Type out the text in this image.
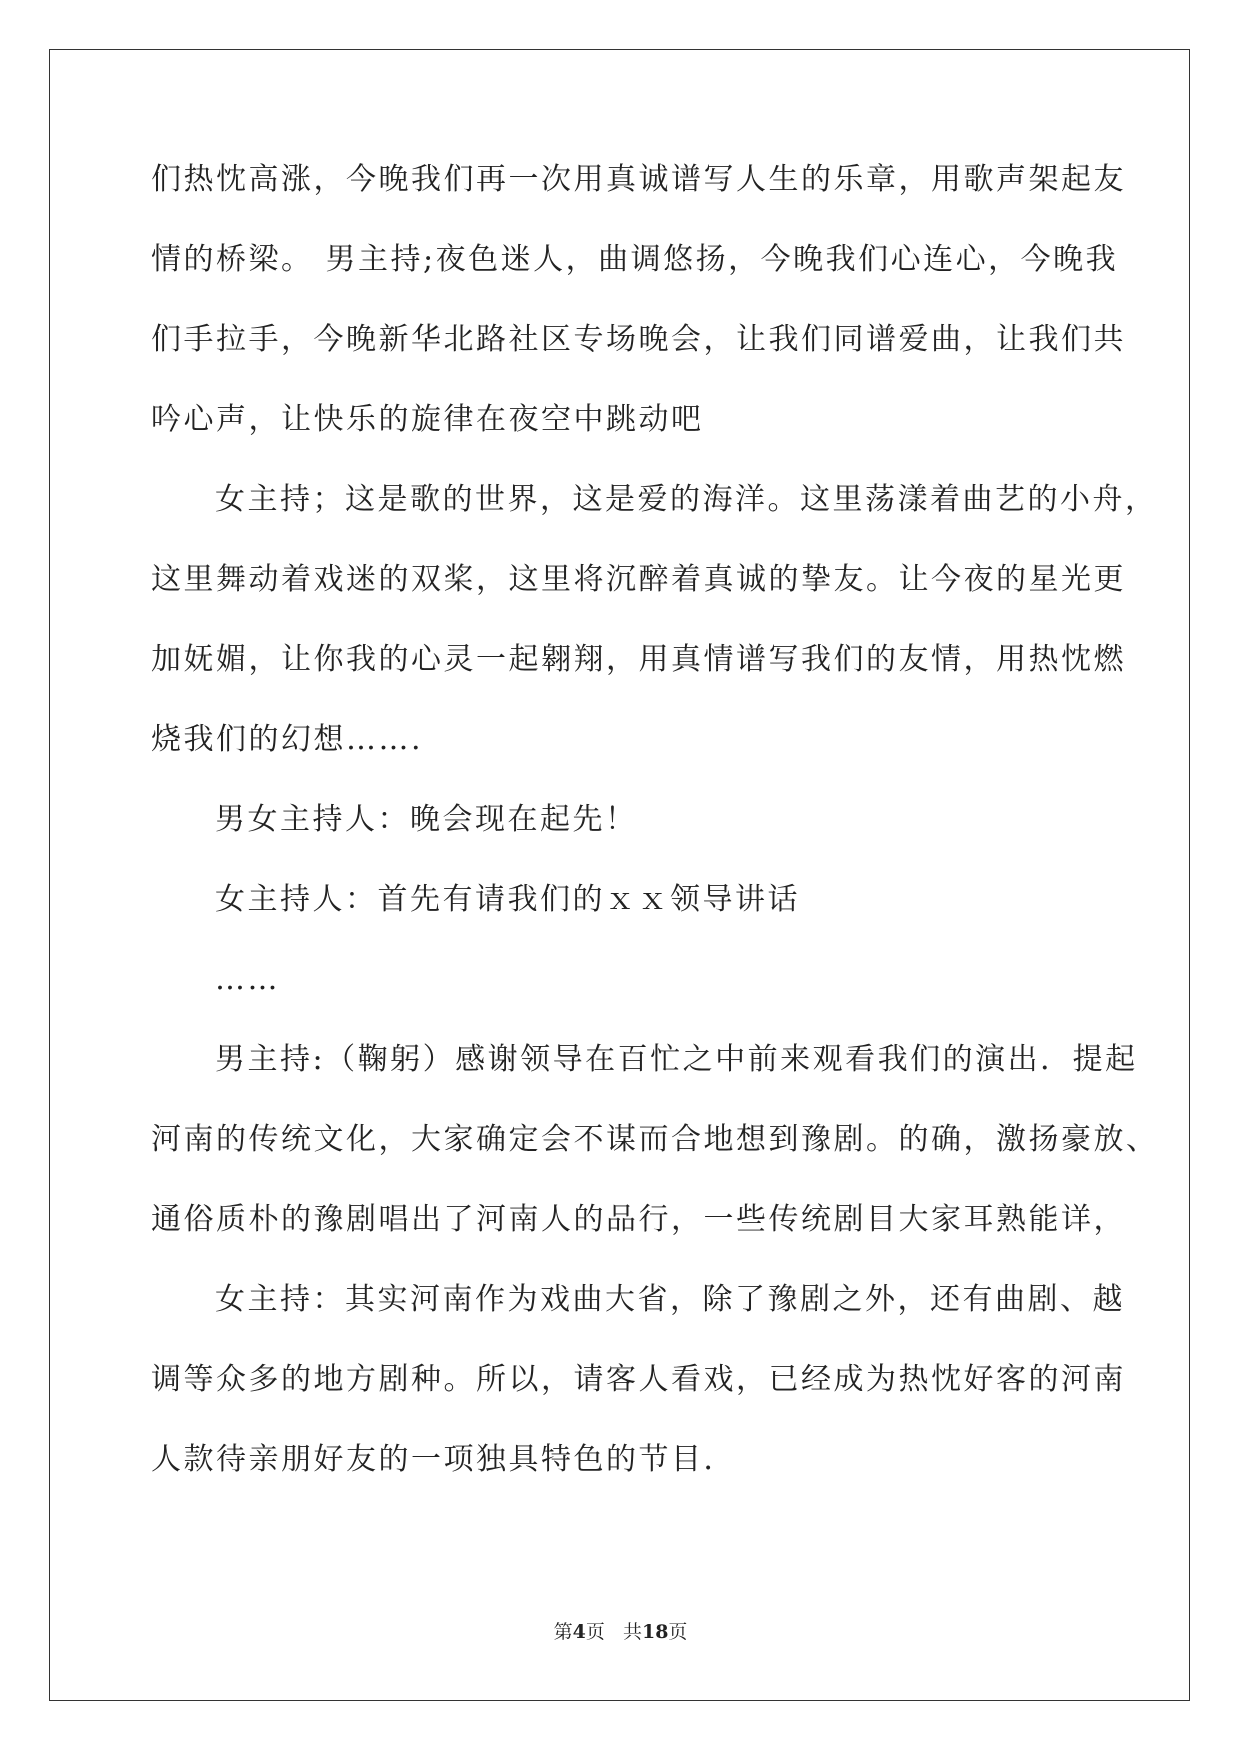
们热忱高涨，今晚我们再一次用真诚谱写人生的乐章，用歌声架起友
情的桥梁。 男主持;夜色迷人，曲调悠扬，今晚我们心连心，今晚我
们手拉手，今晚新华北路社区专场晚会，让我们同谱爱曲，让我们共
吟心声，让快乐的旋律在夜空中跳动吧
女主持；这是歌的世界，这是爱的海洋。这里荡漾着曲艺的小舟，
这里舞动着戏迷的双桨，这里将沉醉着真诚的挚友。让今夜的星光更
加妩媚，让你我的心灵一起翱翔，用真情谱写我们的友情，用热忱燃
烧我们的幻想…….
男女主持人：晚会现在起先！
女主持人：首先有请我们的ｘｘ领导讲话
……
男主持:（鞠躬）感谢领导在百忙之中前来观看我们的演出．提起
河南的传统文化，大家确定会不谋而合地想到豫剧。的确，激扬豪放、
通俗质朴的豫剧唱出了河南人的品行，一些传统剧目大家耳熟能详，
女主持：其实河南作为戏曲大省，除了豫剧之外，还有曲剧、越
调等众多的地方剧种。所以，请客人看戏，已经成为热忱好客的河南
人款待亲朋好友的一项独具特色的节目．
第4页 共18页
